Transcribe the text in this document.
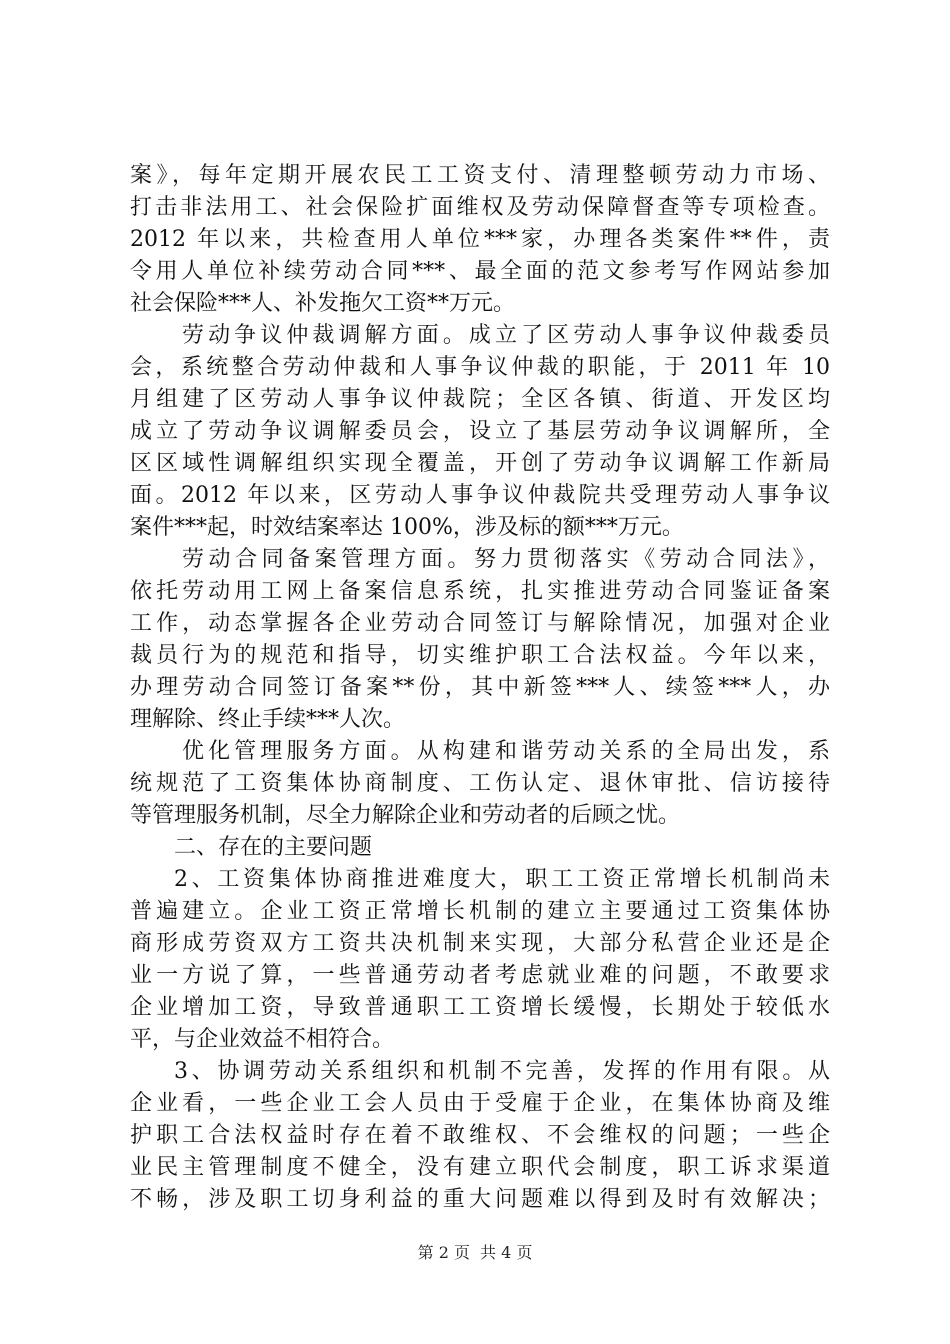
案》，每年定期开展农民工工资支付、清理整顿劳动力市场、
打击非法用工、社会保险扩面维权及劳动保障督查等专项检查。
2012 年以来，共检查用人单位***家，办理各类案件**件，责
令用人单位补续劳动合同***、最全面的范文参考写作网站参加
社会保险***人、补发拖欠工资**万元。
劳动争议仲裁调解方面。成立了区劳动人事争议仲裁委员
会，系统整合劳动仲裁和人事争议仲裁的职能，于 2011 年 10
月组建了区劳动人事争议仲裁院；全区各镇、街道、开发区均
成立了劳动争议调解委员会，设立了基层劳动争议调解所，全
区区域性调解组织实现全覆盖，开创了劳动争议调解工作新局
面。2012 年以来，区劳动人事争议仲裁院共受理劳动人事争议
案件***起，时效结案率达 100%，涉及标的额***万元。
劳动合同备案管理方面。努力贯彻落实《劳动合同法》，
依托劳动用工网上备案信息系统，扎实推进劳动合同鉴证备案
工作，动态掌握各企业劳动合同签订与解除情况，加强对企业
裁员行为的规范和指导，切实维护职工合法权益。今年以来，
办理劳动合同签订备案**份，其中新签***人、续签***人，办
理解除、终止手续***人次。
优化管理服务方面。从构建和谐劳动关系的全局出发，系
统规范了工资集体协商制度、工伤认定、退休审批、信访接待
等管理服务机制，尽全力解除企业和劳动者的后顾之忧。
二、存在的主要问题
2、工资集体协商推进难度大，职工工资正常增长机制尚未
普遍建立。企业工资正常增长机制的建立主要通过工资集体协
商形成劳资双方工资共决机制来实现，大部分私营企业还是企
业一方说了算，一些普通劳动者考虑就业难的问题，不敢要求
企业增加工资，导致普通职工工资增长缓慢，长期处于较低水
平，与企业效益不相符合。
3、协调劳动关系组织和机制不完善，发挥的作用有限。从
企业看，一些企业工会人员由于受雇于企业，在集体协商及维
护职工合法权益时存在着不敢维权、不会维权的问题；一些企
业民主管理制度不健全，没有建立职代会制度，职工诉求渠道
不畅，涉及职工切身利益的重大问题难以得到及时有效解决；
第 2 页 共 4 页
